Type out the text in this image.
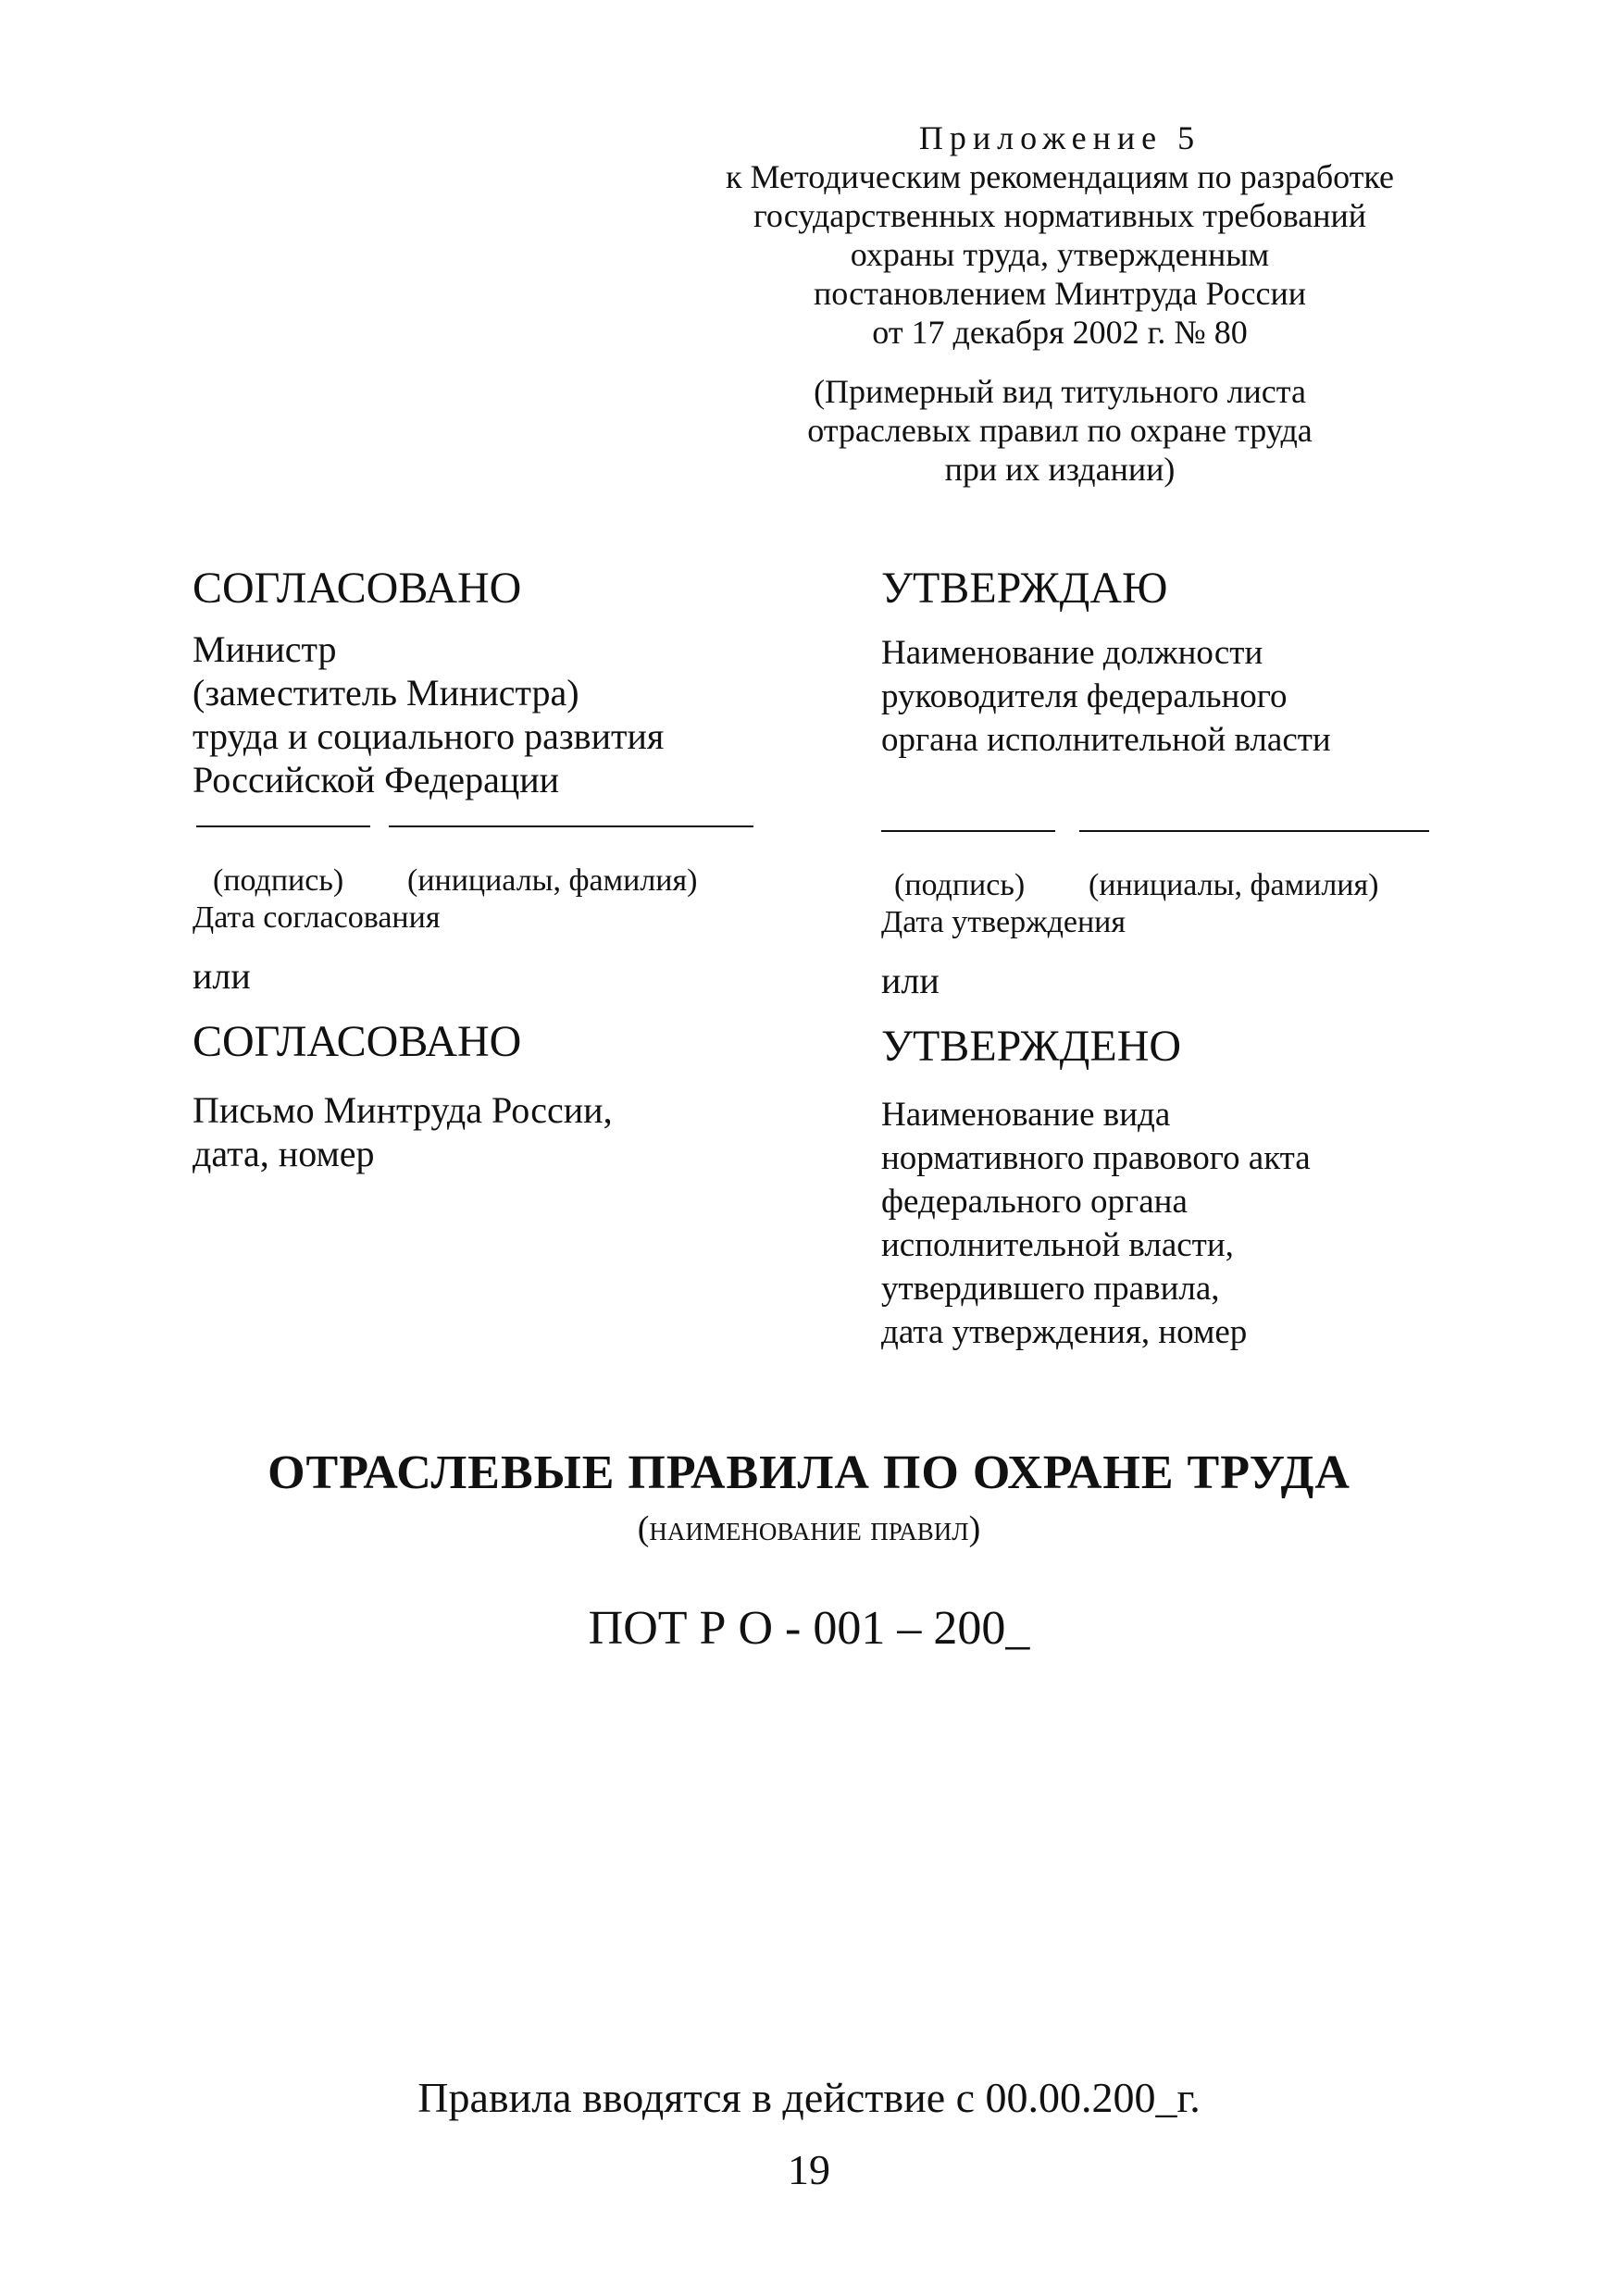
Приложение 5
к Методическим рекомендациям по разработке
государственных нормативных требований
охраны труда, утвержденным
постановлением Минтруда России
от 17 декабря 2002 г. № 80
(Примерный вид титульного листа
отраслевых правил по охране труда
при их издании)
СОГЛАСОВАНО
Министр
(заместитель Министра)
труда и социального развития
Российской Федерации
(подпись) (инициалы, фамилия)
Дата согласования
или
СОГЛАСОВАНО
Письмо Минтруда России,
дата, номер
УТВЕРЖДАЮ
Наименование должности
руководителя федерального
органа исполнительной власти
(подпись) (инициалы, фамилия)
Дата утверждения
или
УТВЕРЖДЕНО
Наименование вида
нормативного правового акта
федерального органа
исполнительной власти,
утвердившего правила,
дата утверждения, номер
ОТРАСЛЕВЫЕ ПРАВИЛА ПО ОХРАНЕ ТРУДА
(наименование правил)
ПОТ Р О - 001 – 200_
Правила вводятся в действие с 00.00.200_г.
19
